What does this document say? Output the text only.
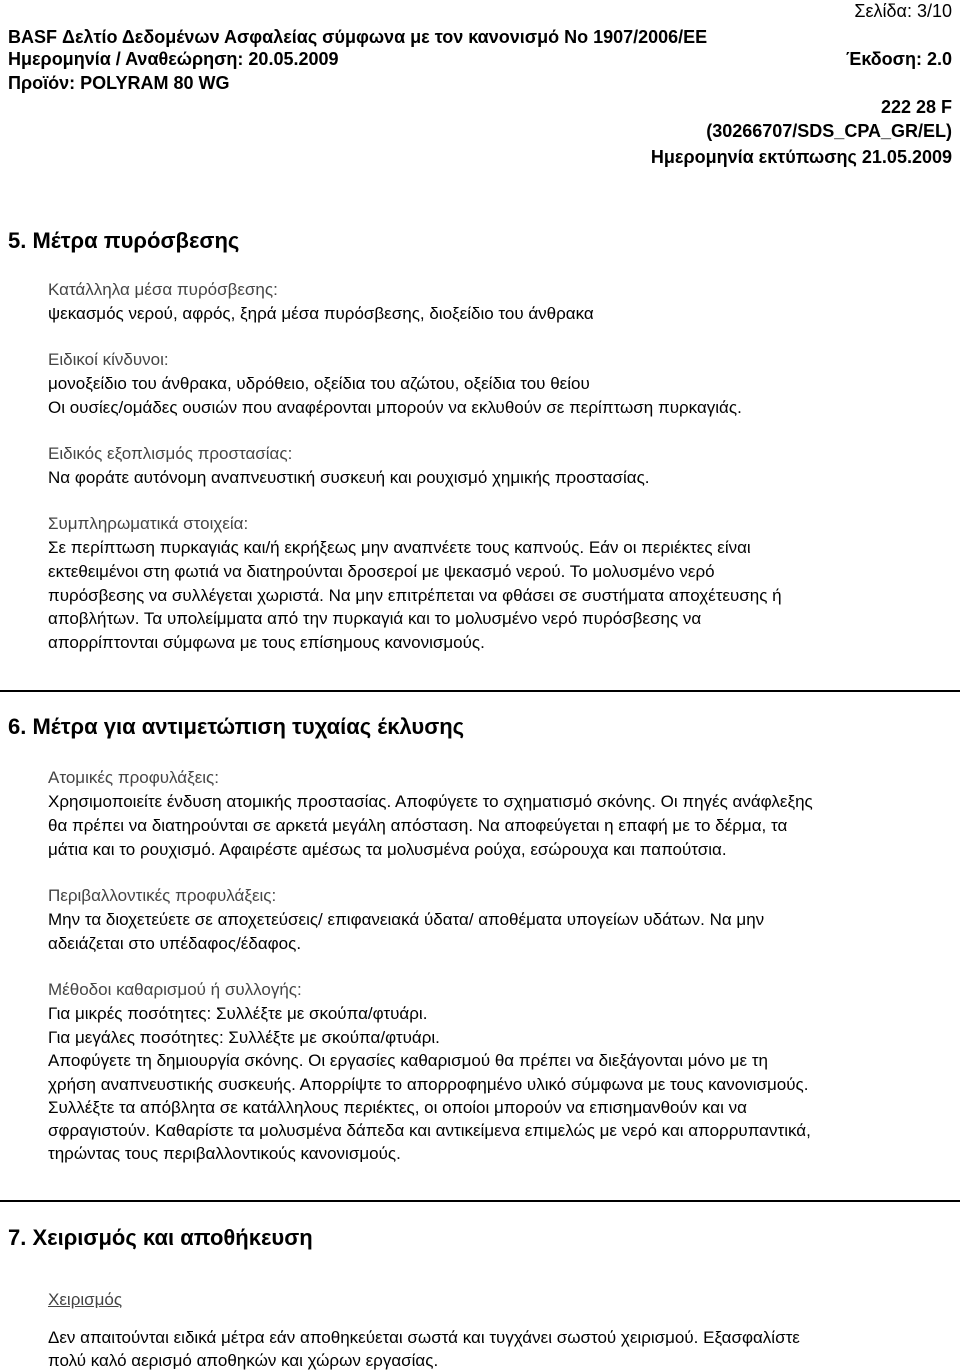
Σελίδα: 3/10
BASF Δελτίο Δεδομένων Ασφαλείας σύμφωνα με τον κανονισμό No 1907/2006/EE
Ημερομηνία / Αναθεώρηση: 20.05.2009	Έκδοση: 2.0
Προϊόν: POLYRAM 80 WG
222 28 F
(30266707/SDS_CPA_GR/EL)
Ημερομηνία εκτύπωσης 21.05.2009
5. Μέτρα πυρόσβεσης
Κατάλληλα μέσα πυρόσβεσης:
ψεκασμός νερού, αφρός, ξηρά μέσα πυρόσβεσης, διοξείδιο του άνθρακα
Ειδικοί κίνδυνοι:
μονοξείδιο του άνθρακα, υδρόθειο, οξείδια του αζώτου, οξείδια του θείου
Οι ουσίες/ομάδες ουσιών που αναφέρονται μπορούν να εκλυθούν σε περίπτωση πυρκαγιάς.
Ειδικός εξοπλισμός προστασίας:
Να φοράτε αυτόνομη αναπνευστική συσκευή και ρουχισμό χημικής προστασίας.
Συμπληρωματικά στοιχεία:
Σε περίπτωση πυρκαγιάς και/ή εκρήξεως μην αναπνέετε τους καπνούς. Εάν οι περιέκτες είναι
εκτεθειμένοι στη φωτιά να διατηρούνται δροσεροί με ψεκασμό νερού. Το μολυσμένο νερό
πυρόσβεσης να συλλέγεται χωριστά. Να μην επιτρέπεται να φθάσει σε συστήματα αποχέτευσης ή
αποβλήτων. Τα υπολείμματα από την πυρκαγιά και το μολυσμένο νερό πυρόσβεσης να
απορρίπτονται σύμφωνα με τους επίσημους κανονισμούς.
6. Μέτρα για αντιμετώπιση τυχαίας έκλυσης
Ατομικές προφυλάξεις:
Χρησιμοποιείτε ένδυση ατομικής προστασίας. Αποφύγετε το σχηματισμό σκόνης. Οι πηγές ανάφλεξης
θα πρέπει να διατηρούνται σε αρκετά μεγάλη απόσταση. Να αποφεύγεται η επαφή με το δέρμα, τα
μάτια και το ρουχισμό. Αφαιρέστε αμέσως τα μολυσμένα ρούχα, εσώρουχα και παπούτσια.
Περιβαλλοντικές προφυλάξεις:
Μην τα διοχετεύετε σε αποχετεύσεις/ επιφανειακά ύδατα/ αποθέματα υπογείων υδάτων. Να μην
αδειάζεται στο υπέδαφος/έδαφος.
Μέθοδοι καθαρισμού ή συλλογής:
Για μικρές ποσότητες: Συλλέξτε με σκούπα/φτυάρι.
Για μεγάλες ποσότητες: Συλλέξτε με σκούπα/φτυάρι.
Αποφύγετε τη δημιουργία σκόνης. Οι εργασίες καθαρισμού θα πρέπει να διεξάγονται μόνο με τη
χρήση αναπνευστικής συσκευής. Απορρίψτε το απορροφημένο υλικό σύμφωνα με τους κανονισμούς.
Συλλέξτε τα απόβλητα σε κατάλληλους περιέκτες, οι οποίοι μπορούν να επισημανθούν και να
σφραγιστούν. Καθαρίστε τα μολυσμένα δάπεδα και αντικείμενα επιμελώς με νερό και απορρυπαντικά,
τηρώντας τους περιβαλλοντικούς κανονισμούς.
7. Χειρισμός και αποθήκευση
Χειρισμός
Δεν απαιτούνται ειδικά μέτρα εάν αποθηκεύεται σωστά και τυγχάνει σωστού χειρισμού. Εξασφαλίστε
πολύ καλό αερισμό αποθηκών και χώρων εργασίας.
